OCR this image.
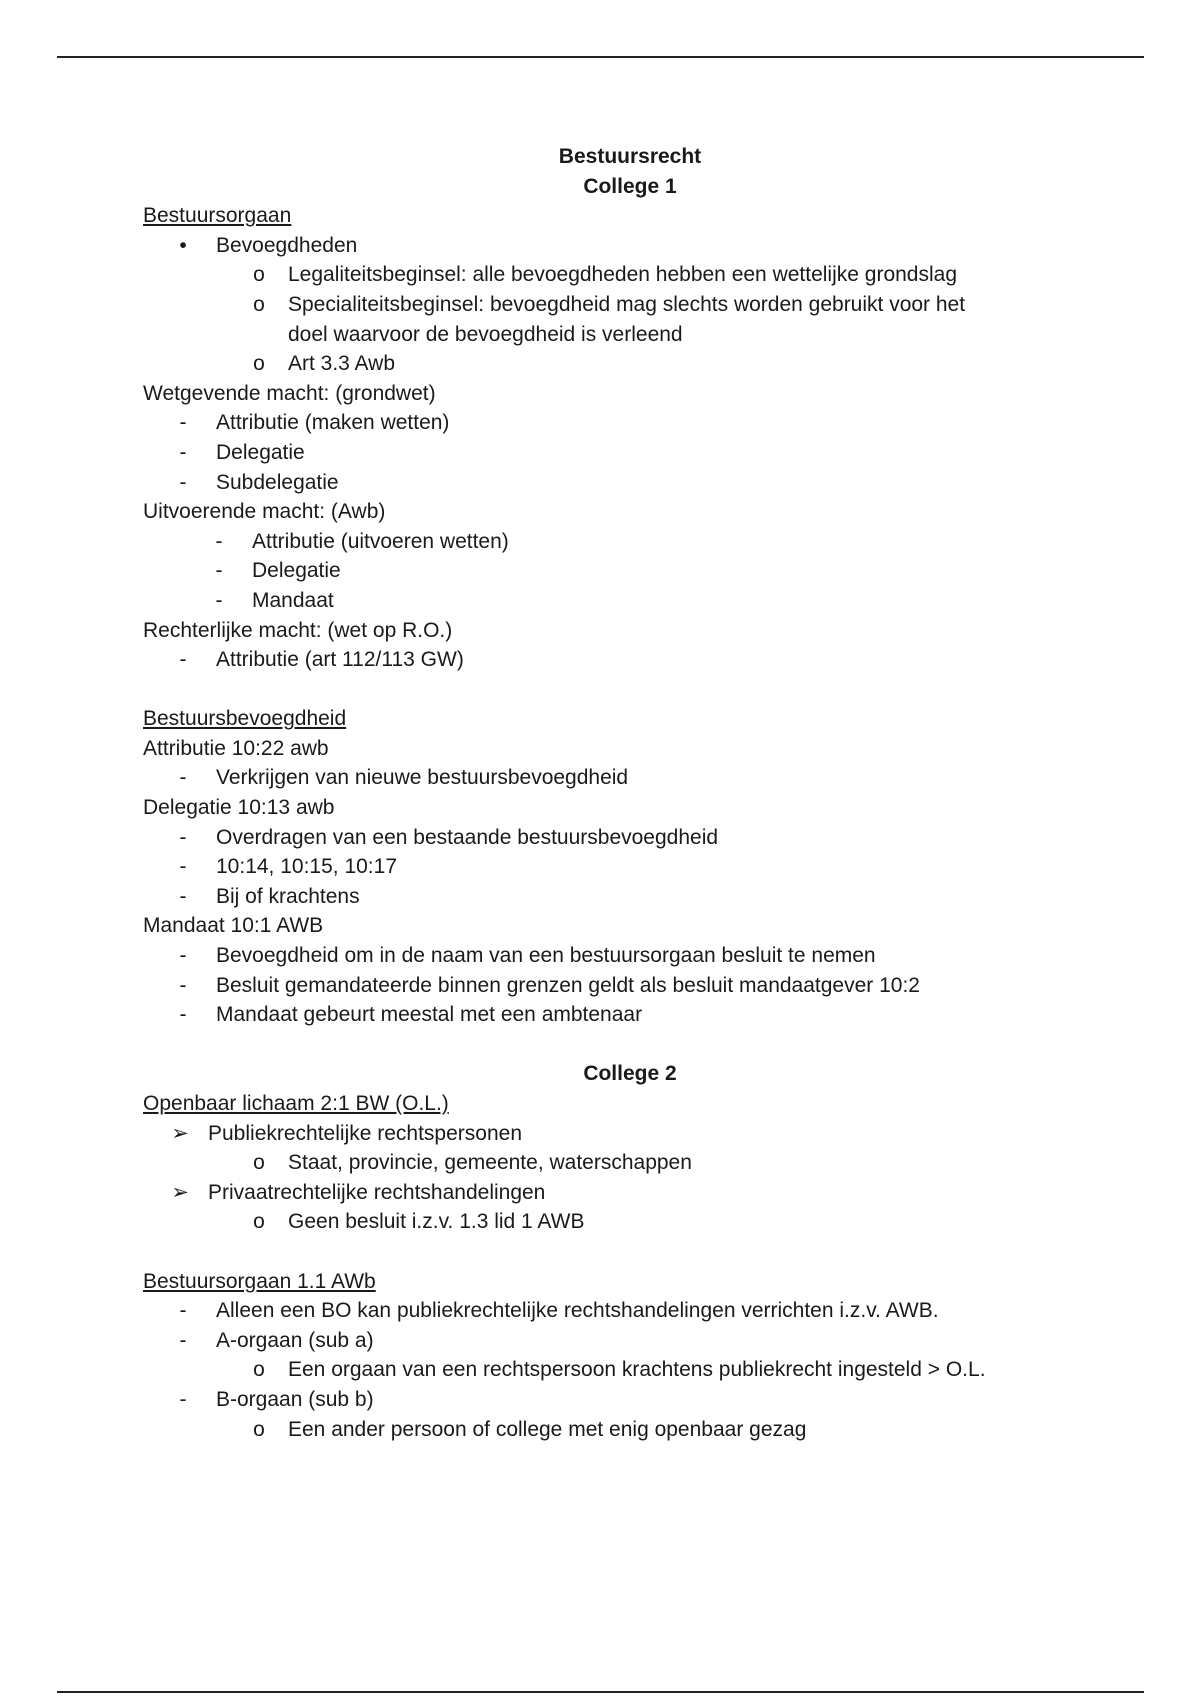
Bestuursrecht
College 1
Bestuursorgaan
•	Bevoegdheden
o Legaliteitsbeginsel: alle bevoegdheden hebben een wettelijke grondslag
o Specialiteitsbeginsel: bevoegdheid mag slechts worden gebruikt voor het doel waarvoor de bevoegdheid is verleend
o Art 3.3 Awb
Wetgevende macht: (grondwet)
-	Attributie (maken wetten)
-	Delegatie
-	Subdelegatie
Uitvoerende macht: (Awb)
-	Attributie (uitvoeren wetten)
-	Delegatie
-	Mandaat
Rechterlijke macht: (wet op R.O.)
-	Attributie (art 112/113 GW)
Bestuursbevoegdheid
Attributie 10:22 awb
-	Verkrijgen van nieuwe bestuursbevoegdheid
Delegatie 10:13 awb
-	Overdragen van een bestaande bestuursbevoegdheid
-	10:14, 10:15, 10:17
-	Bij of krachtens
Mandaat 10:1 AWB
-	Bevoegdheid om in de naam van een bestuursorgaan besluit te nemen
-	Besluit gemandateerde binnen grenzen geldt als besluit mandaatgever 10:2
-	Mandaat gebeurt meestal met een ambtenaar
College 2
Openbaar lichaam 2:1 BW (O.L.)
➢ Publiekrechtelijke rechtspersonen
o Staat, provincie, gemeente, waterschappen
➢ Privaatrechtelijke rechtshandelingen
o Geen besluit i.z.v. 1.3 lid 1 AWB
Bestuursorgaan 1.1 AWb
-	Alleen een BO kan publiekrechtelijke rechtshandelingen verrichten i.z.v. AWB.
-	A-orgaan (sub a)
o Een orgaan van een rechtspersoon krachtens publiekrecht ingesteld > O.L.
-	B-orgaan (sub b)
o Een ander persoon of college met enig openbaar gezag
